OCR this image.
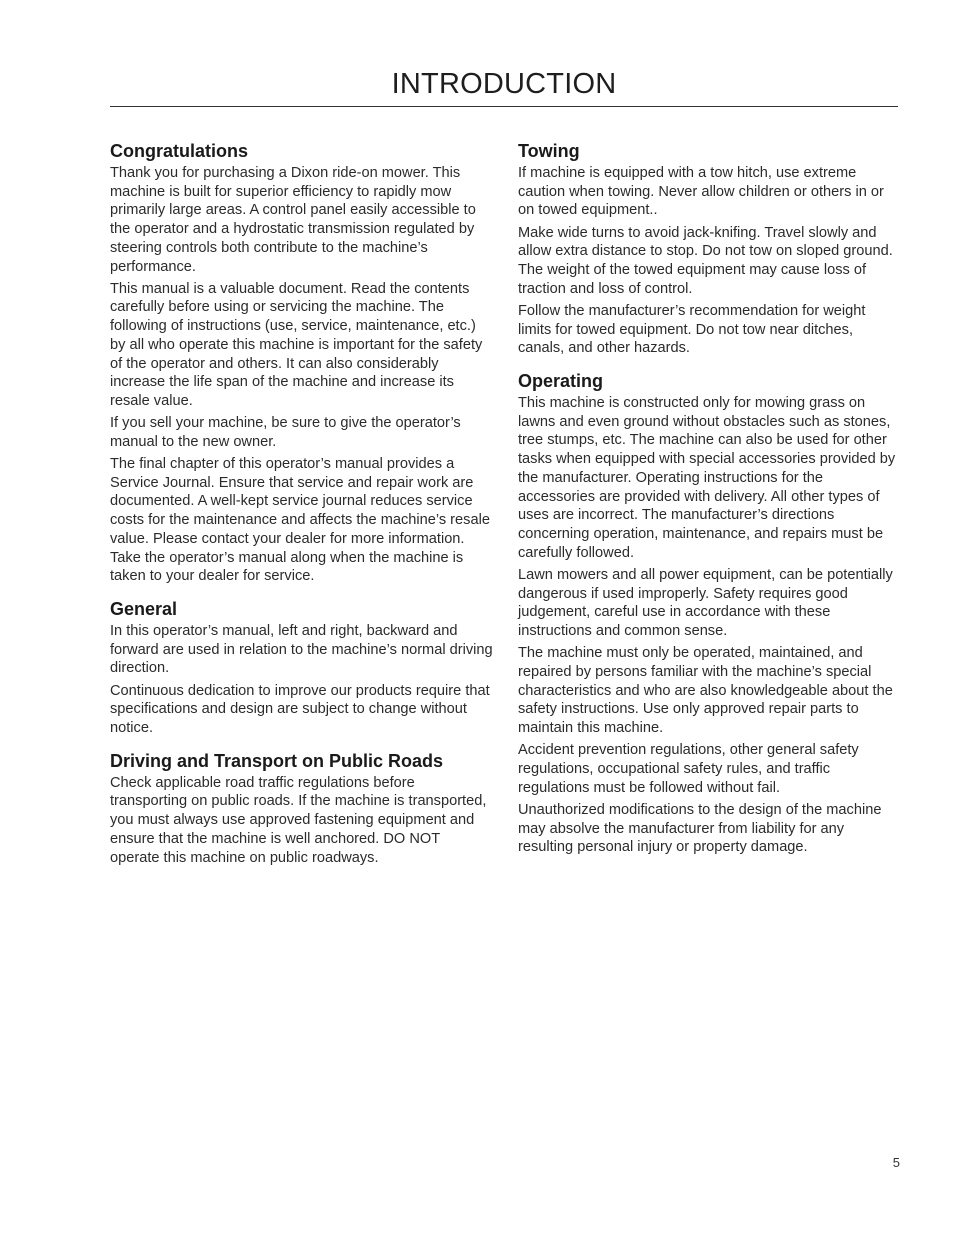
INTRODUCTION
Congratulations

Thank you for purchasing a Dixon ride-on mower. This machine is built for superior efficiency to rapidly mow primarily large areas. A control panel easily accessible to the operator and a hydrostatic transmission regulated by steering controls both contribute to the machine’s performance.

This manual is a valuable document. Read the contents carefully before using or servicing the machine. The following of instructions (use, service, maintenance, etc.) by all who operate this machine is important for the safety of the operator and others. It can also considerably increase the life span of the machine and increase its resale value.

If you sell your machine, be sure to give the operator’s manual to the new owner.

The final chapter of this operator’s manual provides a Service Journal. Ensure that service and repair work are documented. A well-kept service journal reduces service costs for the maintenance and affects the machine’s resale value. Please contact your dealer for more information. Take the operator’s manual along when the machine is taken to your dealer for service.

General

In this operator’s manual, left and right, backward and forward are used in relation to the machine’s normal driving direction.

Continuous dedication to improve our products require that specifications and design are subject to change without notice.

Driving and Transport on Public Roads

Check applicable road traffic regulations before transporting on public roads. If the machine is transported, you must always use approved fastening equipment and ensure that the machine is well anchored. DO NOT operate this machine on public roadways.

Towing

If machine is equipped with a tow hitch, use extreme caution when towing. Never allow children or others in or on towed equipment..

Make wide turns to avoid jack-knifing. Travel slowly and allow extra distance to stop. Do not tow on sloped ground. The weight of the towed equipment may cause loss of traction and loss of control.

Follow the manufacturer’s recommendation for weight limits for towed equipment. Do not tow near ditches, canals, and other hazards.

Operating

This machine is constructed only for mowing grass on lawns and even ground without obstacles such as stones, tree stumps, etc. The machine can also be used for other tasks when equipped with special accessories provided by the manufacturer. Operating instructions for the accessories are provided with delivery. All other types of uses are incorrect. The manufacturer’s directions concerning operation, maintenance, and repairs must be carefully followed.

Lawn mowers and all power equipment, can be potentially dangerous if used improperly. Safety requires good judgement, careful use in accordance with these instructions and common sense.

The machine must only be operated, maintained, and repaired by persons familiar with the machine’s special characteristics and who are also knowledgeable about the safety instructions. Use only approved repair parts to maintain this machine.

Accident prevention regulations, other general safety regulations, occupational safety rules, and traffic regulations must be followed without fail.

Unauthorized modifications to the design of the machine may absolve the manufacturer from liability for any resulting personal injury or property damage.

5
